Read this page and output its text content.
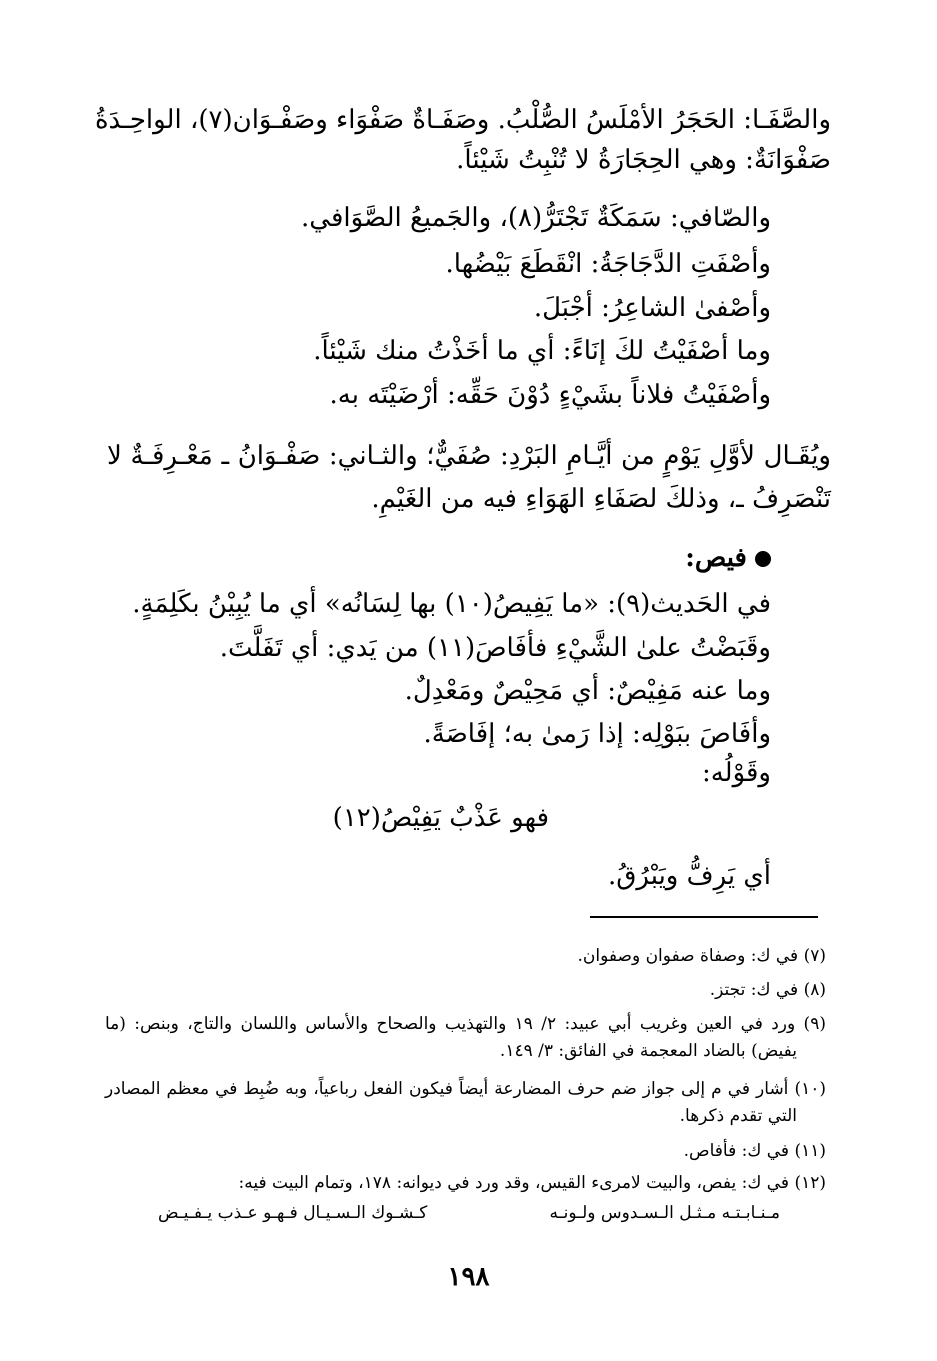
والصَّفَـا: الحَجَرُ الأمْلَسُ الصُّلْبُ. وصَفَـاةٌ صَفْوَاء وصَفْـوَان(٧)، الواحِـدَةُ
صَفْوَانَةٌ: وهي الحِجَارَةُ لا تُنْبِتُ شَيْئاً.
والصّافي: سَمَكَةٌ تَجْتَرُّ(٨)، والجَميعُ الصَّوَافي.
وأصْفَتِ الدَّجَاجَةُ: انْقَطَعَ بَيْضُها.
وأصْفىٰ الشاعِرُ: أجْبَلَ.
وما أصْفَيْتُ لكَ إنَاءً: أي ما أخَذْتُ منك شَيْئاً.
وأصْفَيْتُ فلاناً بشَيْءٍ دُوْنَ حَقِّه: أرْضَيْتَه به.
ويُقَـال لأوَّلِ يَوْمٍ من أيَّـامِ البَرْدِ: صُفَيٌّ؛ والثـاني: صَفْـوَانُ ـ مَعْـرِفَـةٌ لا
تَنْصَرِفُ ـ، وذلكَ لصَفَاءِ الهَوَاءِ فيه من الغَيْمِ.
فيص:
في الحَديث(٩): «ما يَفِيصُ(١٠) بها لِسَانُه» أي ما يُبِيْنُ بكَلِمَةٍ.
وقَبَضْتُ علىٰ الشَّيْءِ فأفَاصَ(١١) من يَدي: أي تَفَلَّتَ.
وما عنه مَفِيْصٌ: أي مَحِيْصٌ ومَعْدِلٌ.
وأفَاصَ ببَوْلِه: إذا رَمىٰ به؛ إفَاصَةً.
وقَوْلُه:
فهو عَذْبٌ يَفِيْصُ(١٢)
أي يَرِفُّ ويَبْرُقُ.
(٧) في ك: وصفاة صفوان وصفوان.
(٨) في ك: تجتز.
(٩) ورد في العين وغريب أبي عبيد: ٢/ ١٩ والتهذيب والصحاح والأساس واللسان والتاج، وبنص: (ما
يفيض) بالضاد المعجمة في الفائق: ٣/ ١٤٩.
(١٠) أشار في م إلى جواز ضم حرف المضارعة أيضاً فيكون الفعل رباعياً، وبه ضُبِط في معظم المصادر
التي تقدم ذكرها.
(١١) في ك: فأفاص.
(١٢) في ك: يفص، والبيت لامرىء القيس، وقد ورد في ديوانه: ١٧٨، وتمام البيت فيه:
مـنـابـتـه مـثـل الـسـدوس ولـونـه
كـشـوك الـسـيـال فـهـو عـذب يـفـيـض
١٩٨
